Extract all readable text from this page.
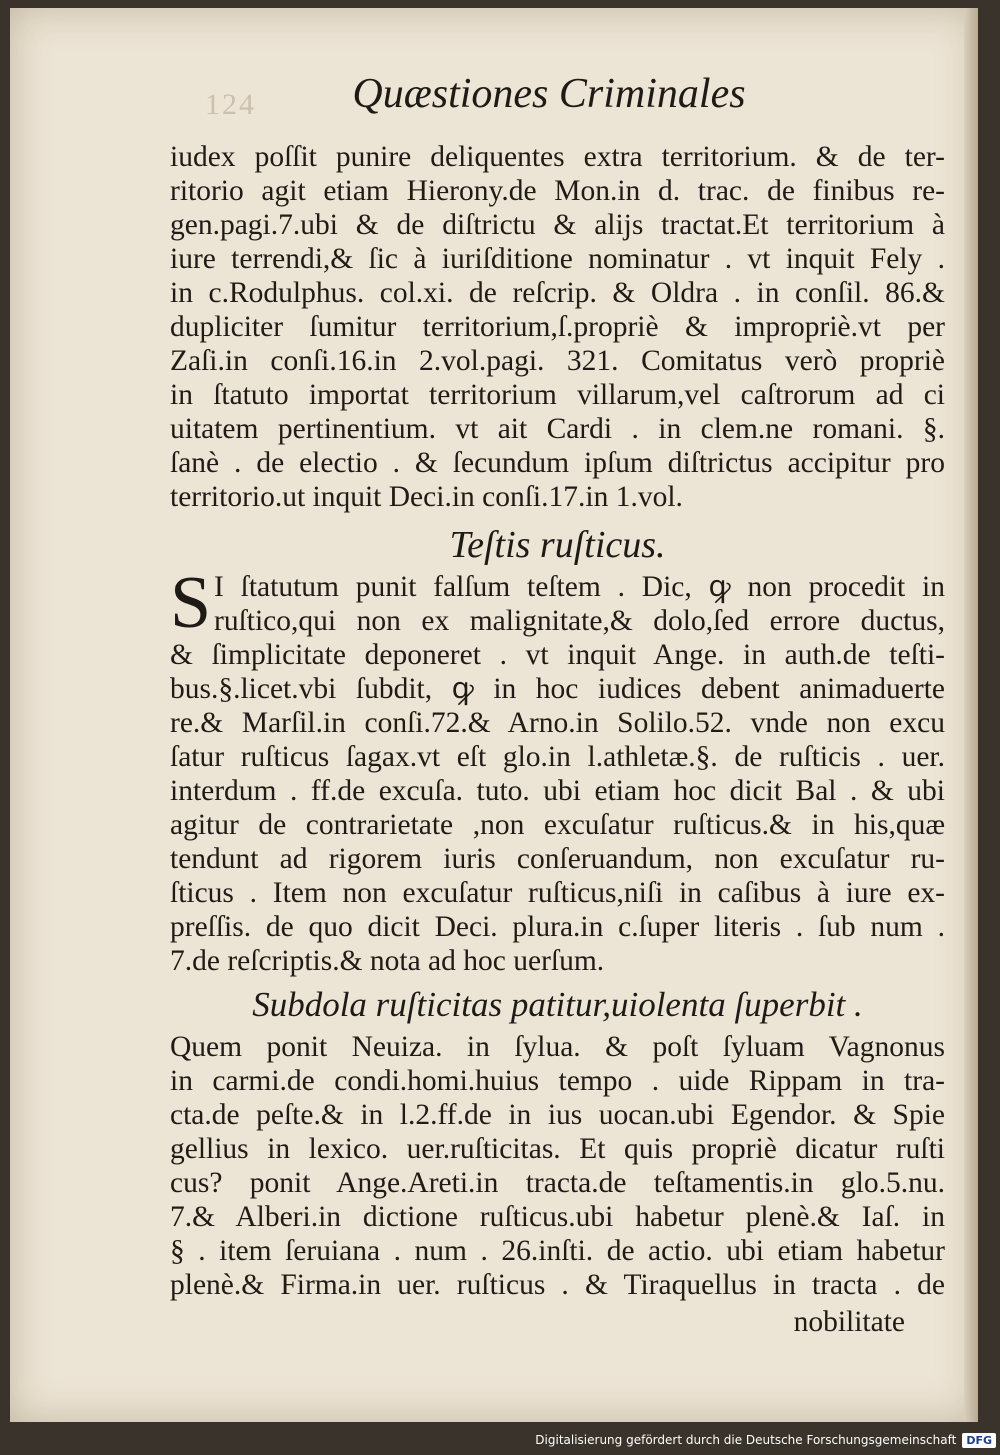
124	Quæstiones Criminales
iudex poſſit punire deliquentes extra territorium. & de ter-
ritorio agit etiam Hierony.de Mon.in d. trac. de finibus re-
gen.pagi.7.ubi & de diſtrictu & alijs tractat.Et territorium à
iure terrendi,& ſic à iuriſditione nominatur . vt inquit Fely .
in c.Rodulphus. col.xi. de reſcrip. & Oldra . in conſil. 86.&
dupliciter ſumitur territorium,ſ.propriè & impropriè.vt per
Zaſi.in conſi.16.in 2.vol.pagi. 321. Comitatus verò propriè
in ſtatuto importat territorium villarum,vel caſtrorum ad ci
uitatem pertinentium. vt ait Cardi . in clem.ne romani. §.
ſanè . de electio . & ſecundum ipſum diſtrictus accipitur pro
territorio.ut inquit Deci.in conſi.17.in 1.vol.
Teſtis ruſticus.
S I ſtatutum punit falſum teſtem . Dic, ꝙ non procedit in
ruſtico,qui non ex malignitate,& dolo,ſed errore ductus,
& ſimplicitate deponeret . vt inquit Ange. in auth.de teſti-
bus.§.licet.vbi ſubdit, ꝙ in hoc iudices debent animaduerte
re.& Marſil.in conſi.72.& Arno.in Solilo.52. vnde non excu
ſatur ruſticus ſagax.vt eſt glo.in l.athletæ.§. de ruſticis . uer.
interdum . ff.de excuſa. tuto. ubi etiam hoc dicit Bal . & ubi
agitur de contrarietate ,non excuſatur ruſticus.& in his,quæ
tendunt ad rigorem iuris conſeruandum, non excuſatur ru-
ſticus . Item non excuſatur ruſticus,niſi in caſibus à iure ex-
preſſis. de quo dicit Deci. plura.in c.ſuper literis . ſub num .
7.de reſcriptis.& nota ad hoc uerſum.
Subdola ruſticitas patitur,uiolenta ſuperbit .
Quem ponit Neuiza. in ſylua. & poſt ſyluam Vagnonus
in carmi.de condi.homi.huius tempo . uide Rippam in tra-
cta.de peſte.& in l.2.ff.de in ius uocan.ubi Egendor. & Spie
gellius in lexico. uer.ruſticitas. Et quis propriè dicatur ruſti
cus? ponit Ange.Areti.in tracta.de teſtamentis.in glo.5.nu.
7.& Alberi.in dictione ruſticus.ubi habetur plenè.& Iaſ. in
§ . item ſeruiana . num . 26.inſti. de actio. ubi etiam habetur
plenè.& Firma.in uer. ruſticus . & Tiraquellus in tracta . de
nobilitate
Digitalisierung gefördert durch die Deutsche Forschungsgemeinschaft DFG
